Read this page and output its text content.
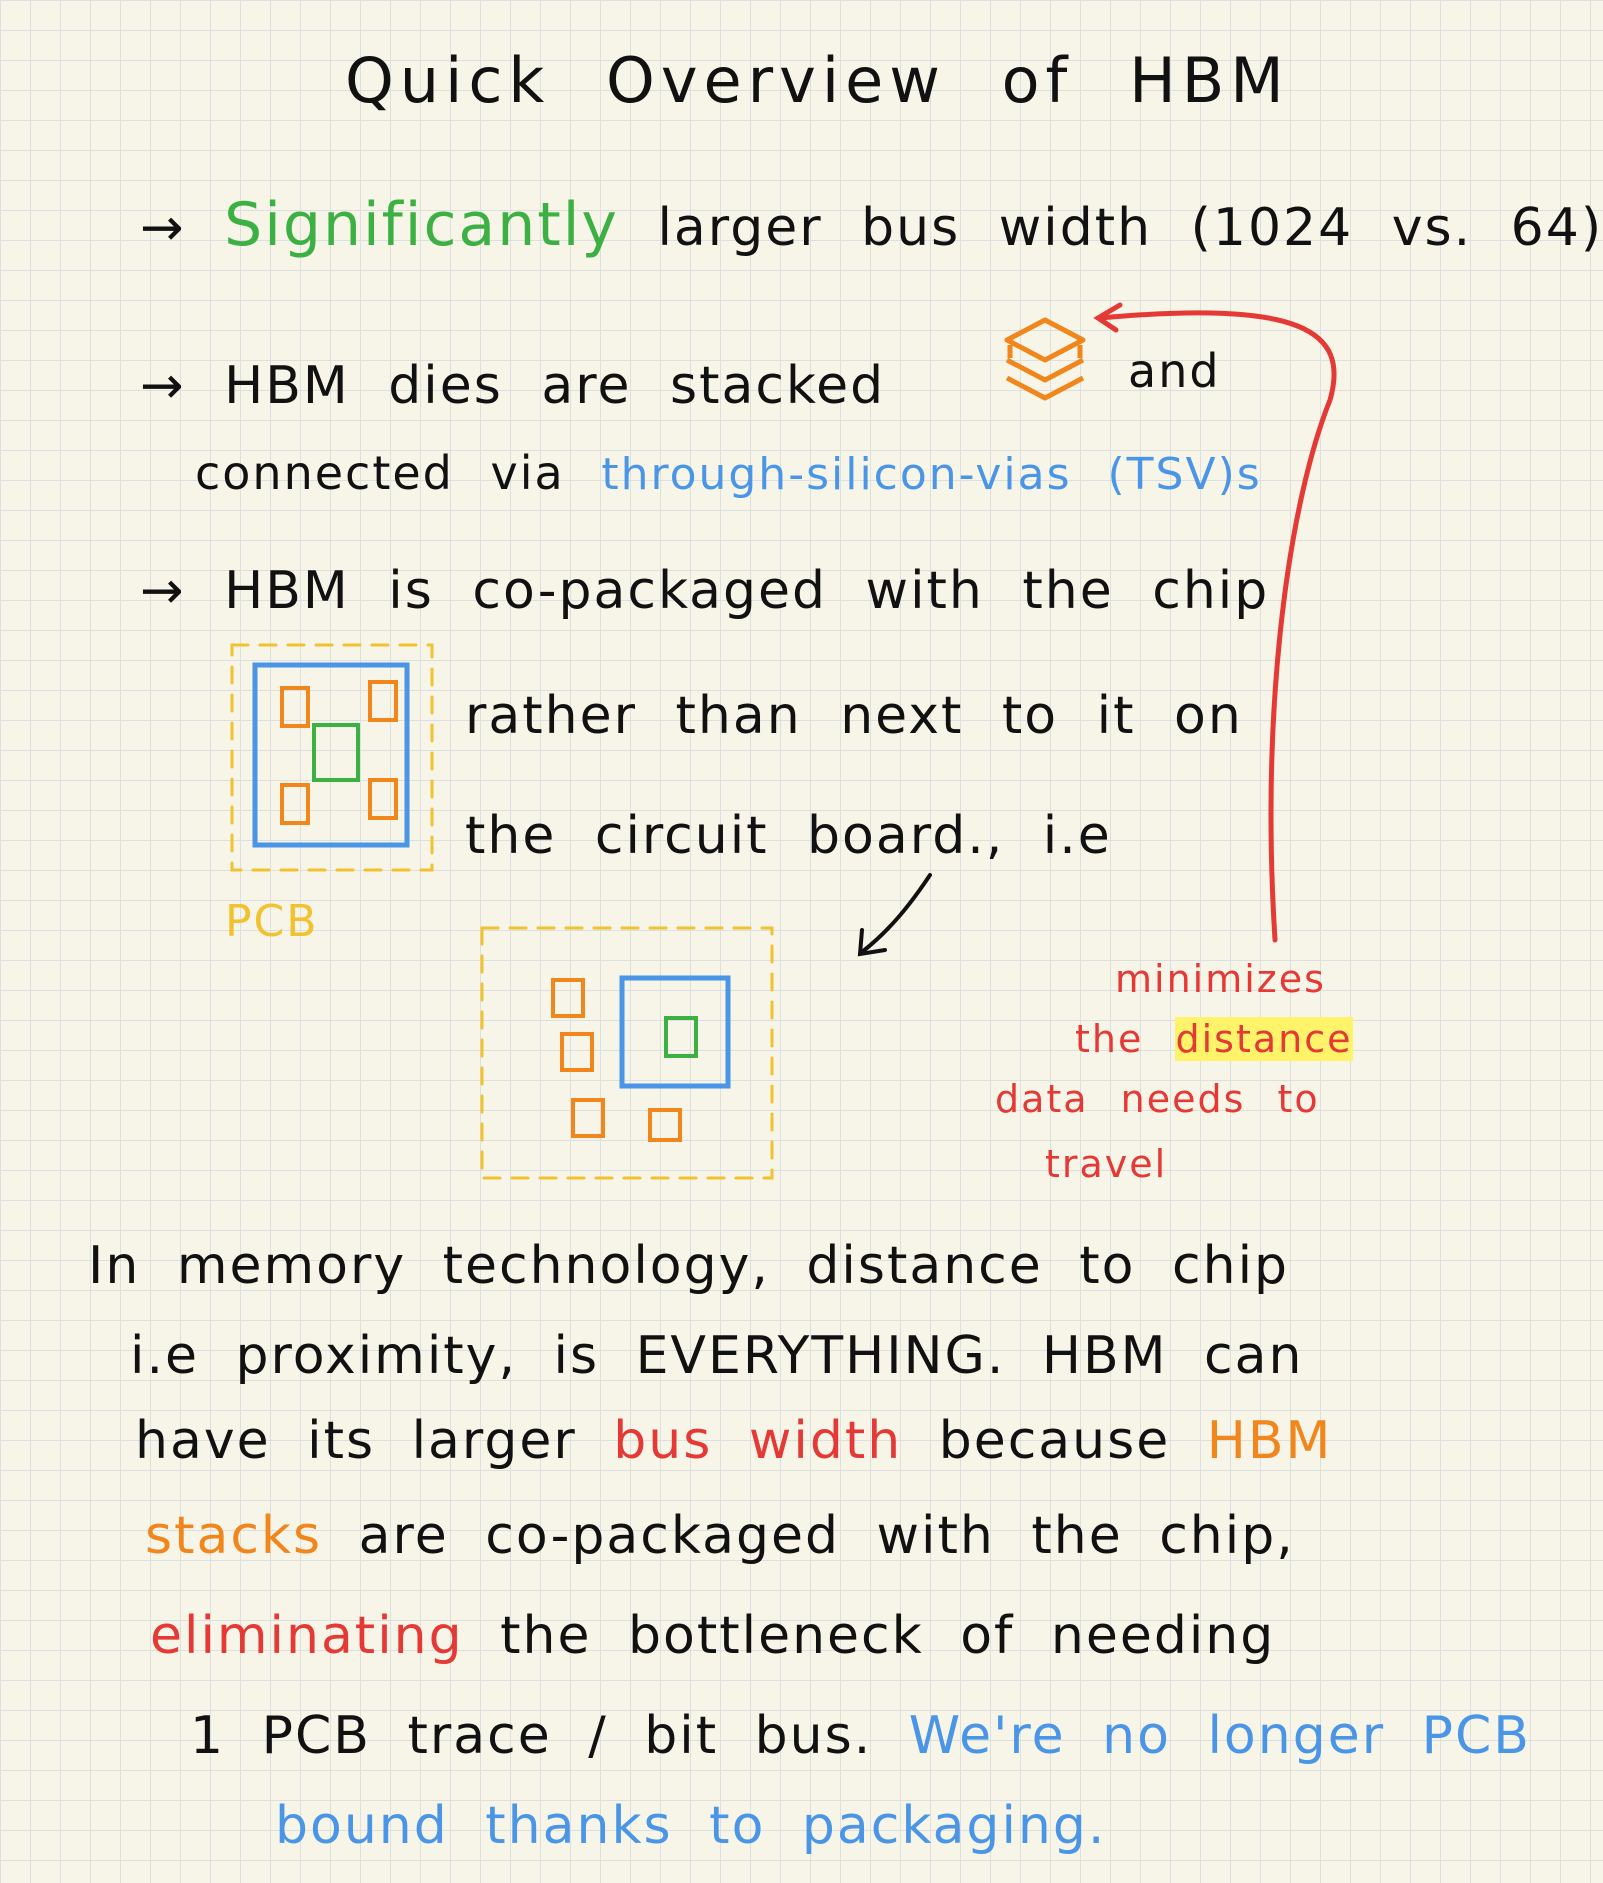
Quick Overview of HBM
→ Significantly larger bus width (1024 vs. 64)
→ HBM dies are stacked	and
connected via through-silicon-vias (TSV)s
→ HBM is co-packaged with the chip
rather than next to it on
the circuit board., i.e
PCB
minimizes
the distance
data needs to
travel
In memory technology, distance to chip
i.e proximity, is EVERYTHING. HBM can
have its larger bus width because HBM
stacks are co-packaged with the chip,
eliminating the bottleneck of needing
1 PCB trace / bit bus. We're no longer PCB
bound thanks to packaging.
